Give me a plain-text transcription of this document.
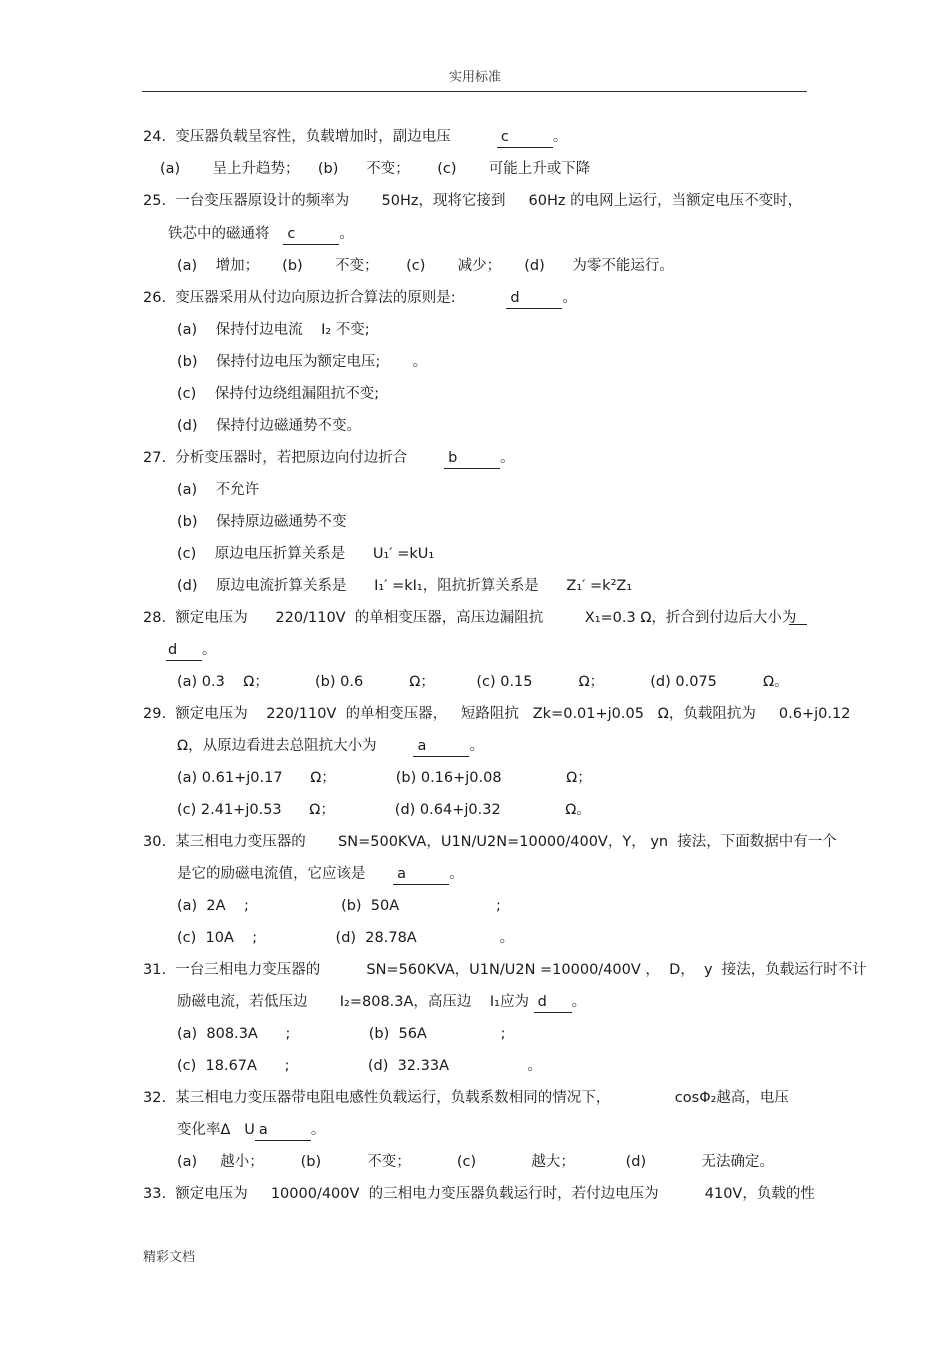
实用标准
24.  变压器负载呈容性，负载增加时，副边电压	c	。
(a)       呈上升趋势；    (b)      不变；      (c)       可能上升或下降
25.  一台变压器原设计的频率为       50Hz，现将它接到     60Hz 的电网上运行，当额定电压不变时，
铁芯中的磁通将 c	。
(a)    增加；     (b)       不变；      (c)       减少；     (d)      为零不能运行。
26.  变压器采用从付边向原边折合算法的原则是:	d	。
(a)    保持付边电流    I₂ 不变;
(b)    保持付边电压为额定电压;       。
(c)    保持付边绕组漏阻抗不变;
(d)    保持付边磁通势不变。
27.  分析变压器时，若把原边向付边折合	b	。
(a)    不允许
(b)    保持原边磁通势不变
(c)    原边电压折算关系是      U₁′ =kU₁
(d)    原边电流折算关系是      I₁′ =kI₁，阻抗折算关系是      Z₁′ =k²Z₁
28.  额定电压为      220/110V  的单相变压器，高压边漏阻抗         X₁=0.3 Ω，折合到付边后大小为
d 。
(a) 0.3    Ω；          (b) 0.6          Ω；         (c) 0.15          Ω；          (d) 0.075          Ω。
29.  额定电压为    220/110V  的单相变压器，   短路阻抗   Zk=0.01+j0.05   Ω，负载阻抗为     0.6+j0.12
Ω，从原边看进去总阻抗大小为	a	。
(a) 0.61+j0.17      Ω；             (b) 0.16+j0.08              Ω；
(c) 2.41+j0.53      Ω；             (d) 0.64+j0.32              Ω。
30.  某三相电力变压器的       SN=500KVA，U1N/U2N=10000/400V，Y， yn  接法，下面数据中有一个
是它的励磁电流值，它应该是 a	。
(a)  2A    ;                    (b)  50A                     ;
(c)  10A    ;                 (d)  28.78A                  。
31.  一台三相电力变压器的          SN=560KVA，U1N/U2N =10000/400V ，  D，  y  接法，负载运行时不计
励磁电流，若低压边       I₂=808.3A，高压边    I₁应为 d 。
(a)  808.3A      ;                 (b)  56A                ;
(c)  18.67A      ;                 (d)  32.33A                 。
32.  某三相电力变压器带电阻电感性负载运行，负载系数相同的情况下，              cosΦ₂越高，电压
变化率Δ   U a	。
(a)     越小；        (b)          不变；          (c)            越大；           (d)            无法确定。
33.  额定电压为     10000/400V  的三相电力变压器负载运行时，若付边电压为          410V，负载的性
精彩文档
